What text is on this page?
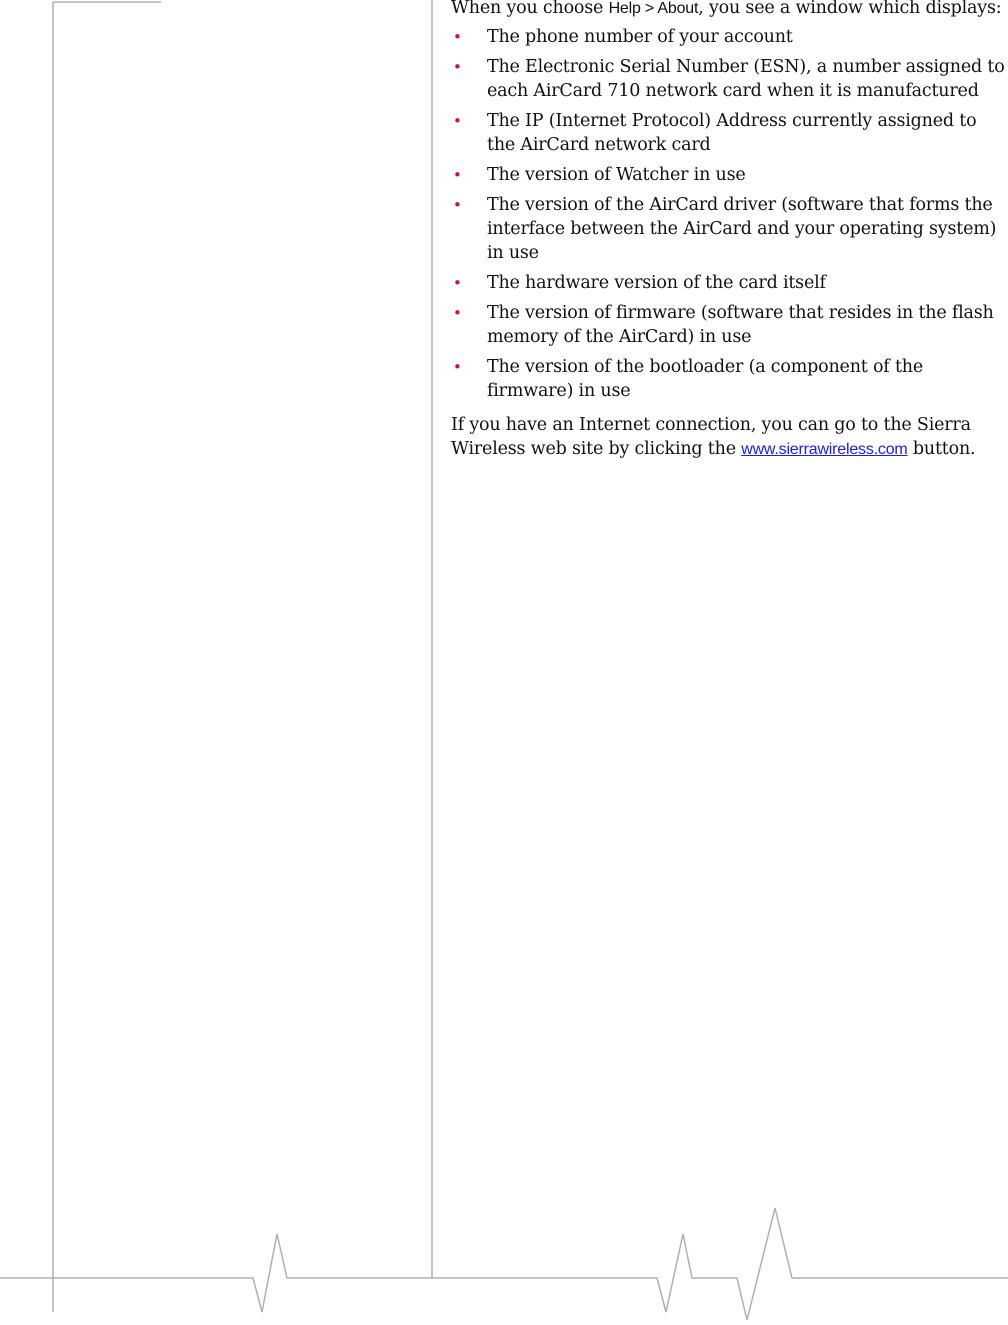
When you choose Help > About, you see a window which displays:

• The phone number of your account
• The Electronic Serial Number (ESN), a number assigned to each AirCard 710 network card when it is manufactured
• The IP (Internet Protocol) Address currently assigned to the AirCard network card
• The version of Watcher in use
• The version of the AirCard driver (software that forms the interface between the AirCard and your operating system) in use
• The hardware version of the card itself
• The version of firmware (software that resides in the flash memory of the AirCard) in use
• The version of the bootloader (a component of the firmware) in use

If you have an Internet connection, you can go to the Sierra Wireless web site by clicking the www.sierrawireless.com button.
